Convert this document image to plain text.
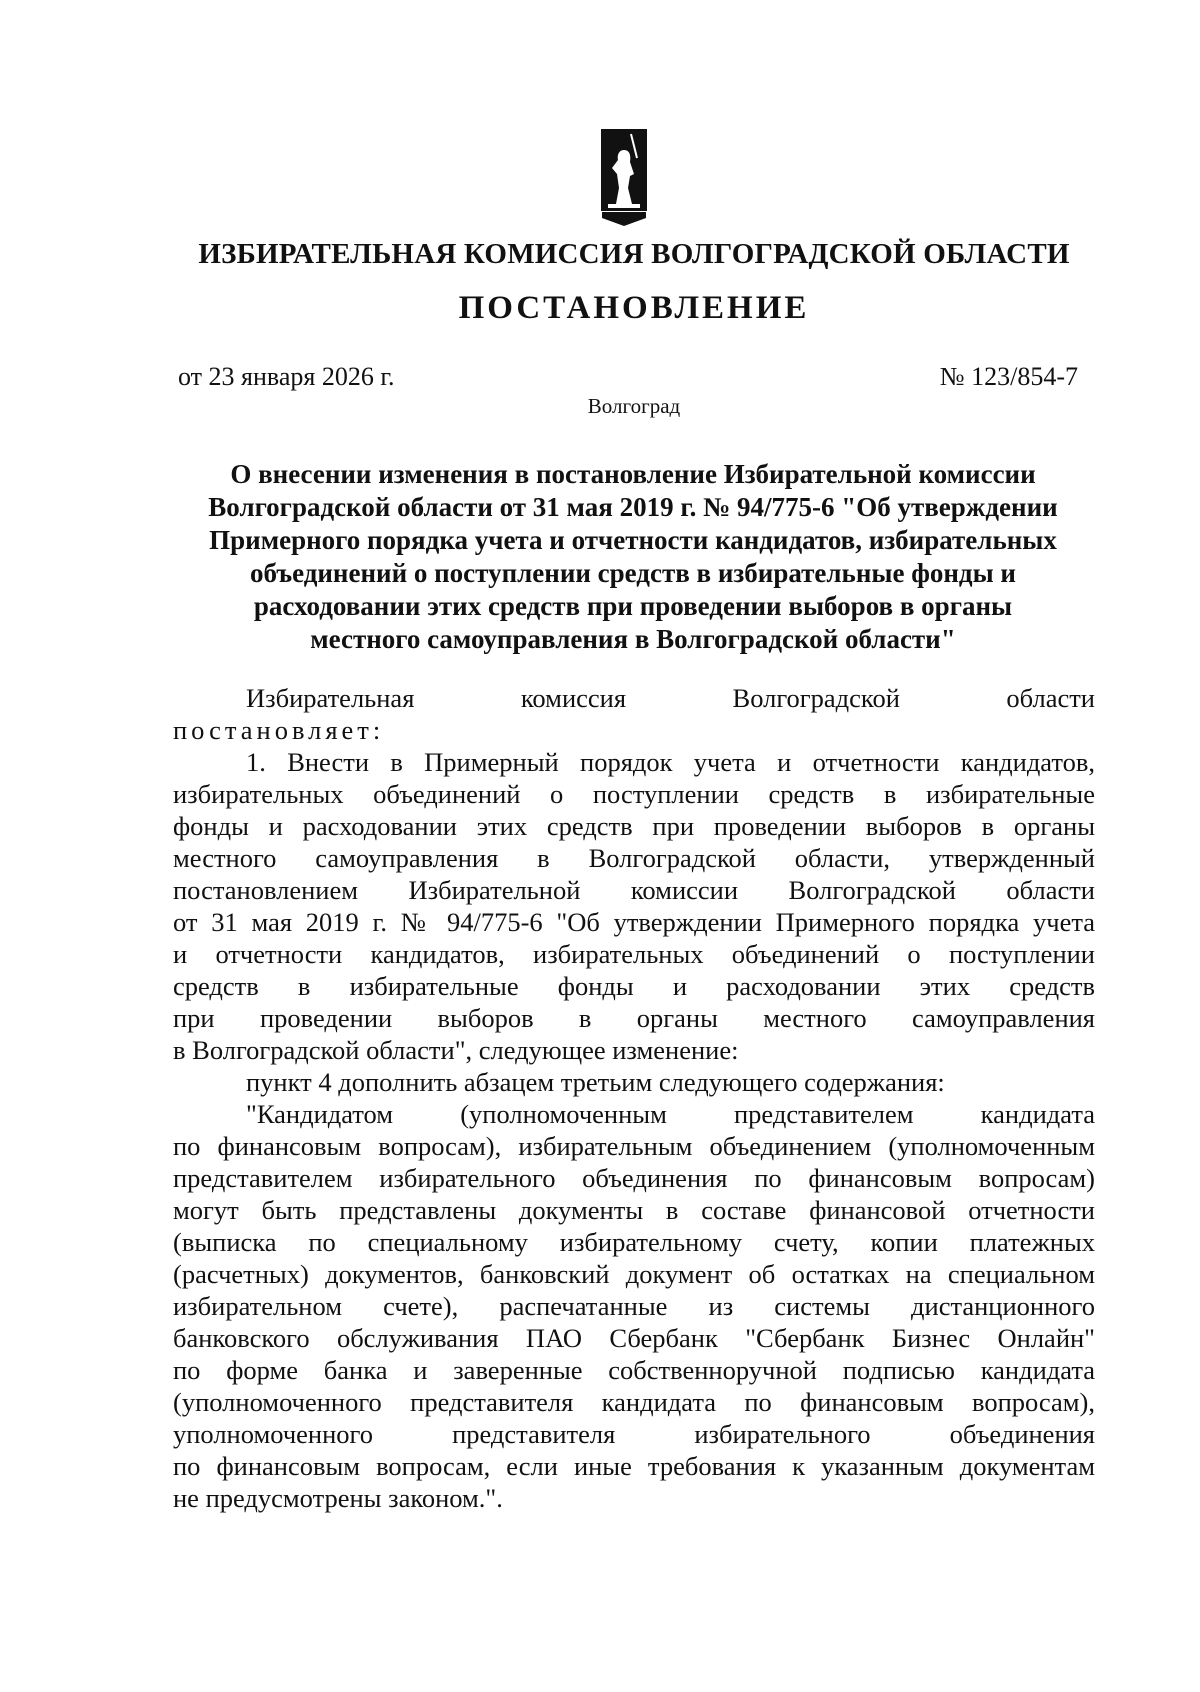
ИЗБИРАТЕЛЬНАЯ КОМИССИЯ ВОЛГОГРАДСКОЙ ОБЛАСТИ
ПОСТАНОВЛЕНИЕ
от 23 января 2026 г.	№ 123/854-7
Волгоград
О внесении изменения в постановление Избирательной комиссии
Волгоградской области от 31 мая 2019 г. № 94/775-6 "Об утверждении
Примерного порядка учета и отчетности кандидатов, избирательных
объединений о поступлении средств в избирательные фонды и
расходовании этих средств при проведении выборов в органы
местного самоуправления в Волгоградской области"

Избирательная комиссия Волгоградской области

постановляет:

1. Внести в Примерный порядок учета и отчетности кандидатов,

избирательных объединений о поступлении средств в избирательные

фонды и расходовании этих средств при проведении выборов в органы

местного самоуправления в Волгоградской области, утвержденный

постановлением Избирательной комиссии Волгоградской области

от 31 мая 2019 г. № 94/775-6 "Об утверждении Примерного порядка учета

и отчетности кандидатов, избирательных объединений о поступлении

средств в избирательные фонды и расходовании этих средств

при проведении выборов в органы местного самоуправления

в Волгоградской области", следующее изменение:

пункт 4 дополнить абзацем третьим следующего содержания:

"Кандидатом (уполномоченным представителем кандидата

по финансовым вопросам), избирательным объединением (уполномоченным

представителем избирательного объединения по финансовым вопросам)

могут быть представлены документы в составе финансовой отчетности

(выписка по специальному избирательному счету, копии платежных

(расчетных) документов, банковский документ об остатках на специальном

избирательном счете), распечатанные из системы дистанционного

банковского обслуживания ПАО Сбербанк "Сбербанк Бизнес Онлайн"

по форме банка и заверенные собственноручной подписью кандидата

(уполномоченного представителя кандидата по финансовым вопросам),

уполномоченного представителя избирательного объединения

по финансовым вопросам, если иные требования к указанным документам

не предусмотрены законом.".
